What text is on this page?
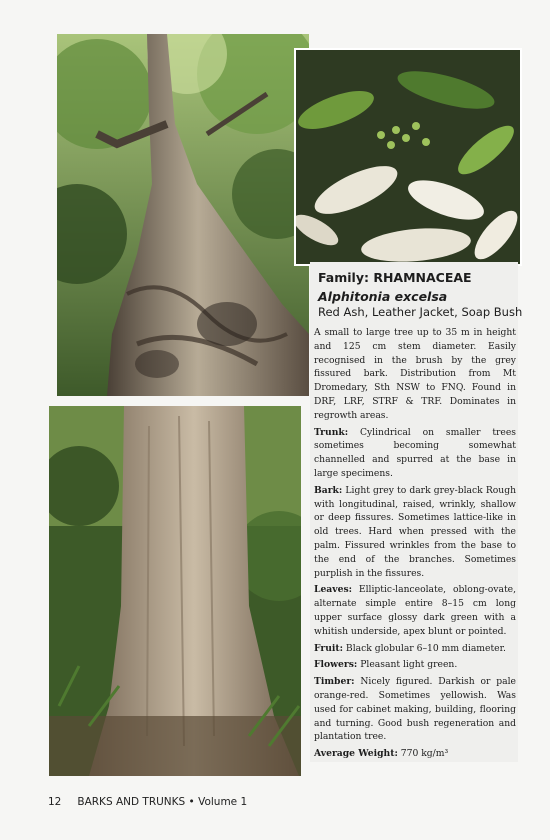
Family: RHAMNACEAE
Alphitonia excelsa
Red Ash, Leather Jacket, Soap Bush

A small to large tree up to 35 m in height and 125 cm stem diameter. Easily recognised in the brush by the grey fissured bark. Distribution from Mt Dromedary, Sth NSW to FNQ. Found in DRF, LRF, STRF & TRF. Dominates in regrowth areas.

Trunk: Cylindrical on smaller trees sometimes becoming somewhat channelled and spurred at the base in large specimens.

Bark: Light grey to dark grey-black Rough with longitudinal, raised, wrinkly, shallow or deep fissures. Sometimes lattice-like in old trees. Hard when pressed with the palm. Fissured wrinkles from the base to the end of the branches. Sometimes purplish in the fissures.

Leaves: Elliptic-lanceolate, oblong-ovate, alternate simple entire 8–15 cm long upper surface glossy dark green with a whitish underside, apex blunt or pointed.

Fruit: Black globular 6–10 mm diameter.

Flowers: Pleasant light green.

Timber: Nicely figured. Darkish or pale orange-red. Sometimes yellowish. Was used for cabinet making, building, flooring and turning. Good bush regeneration and plantation tree.

Average Weight: 770 kg/m³

12 BARKS AND TRUNKS • Volume 1
